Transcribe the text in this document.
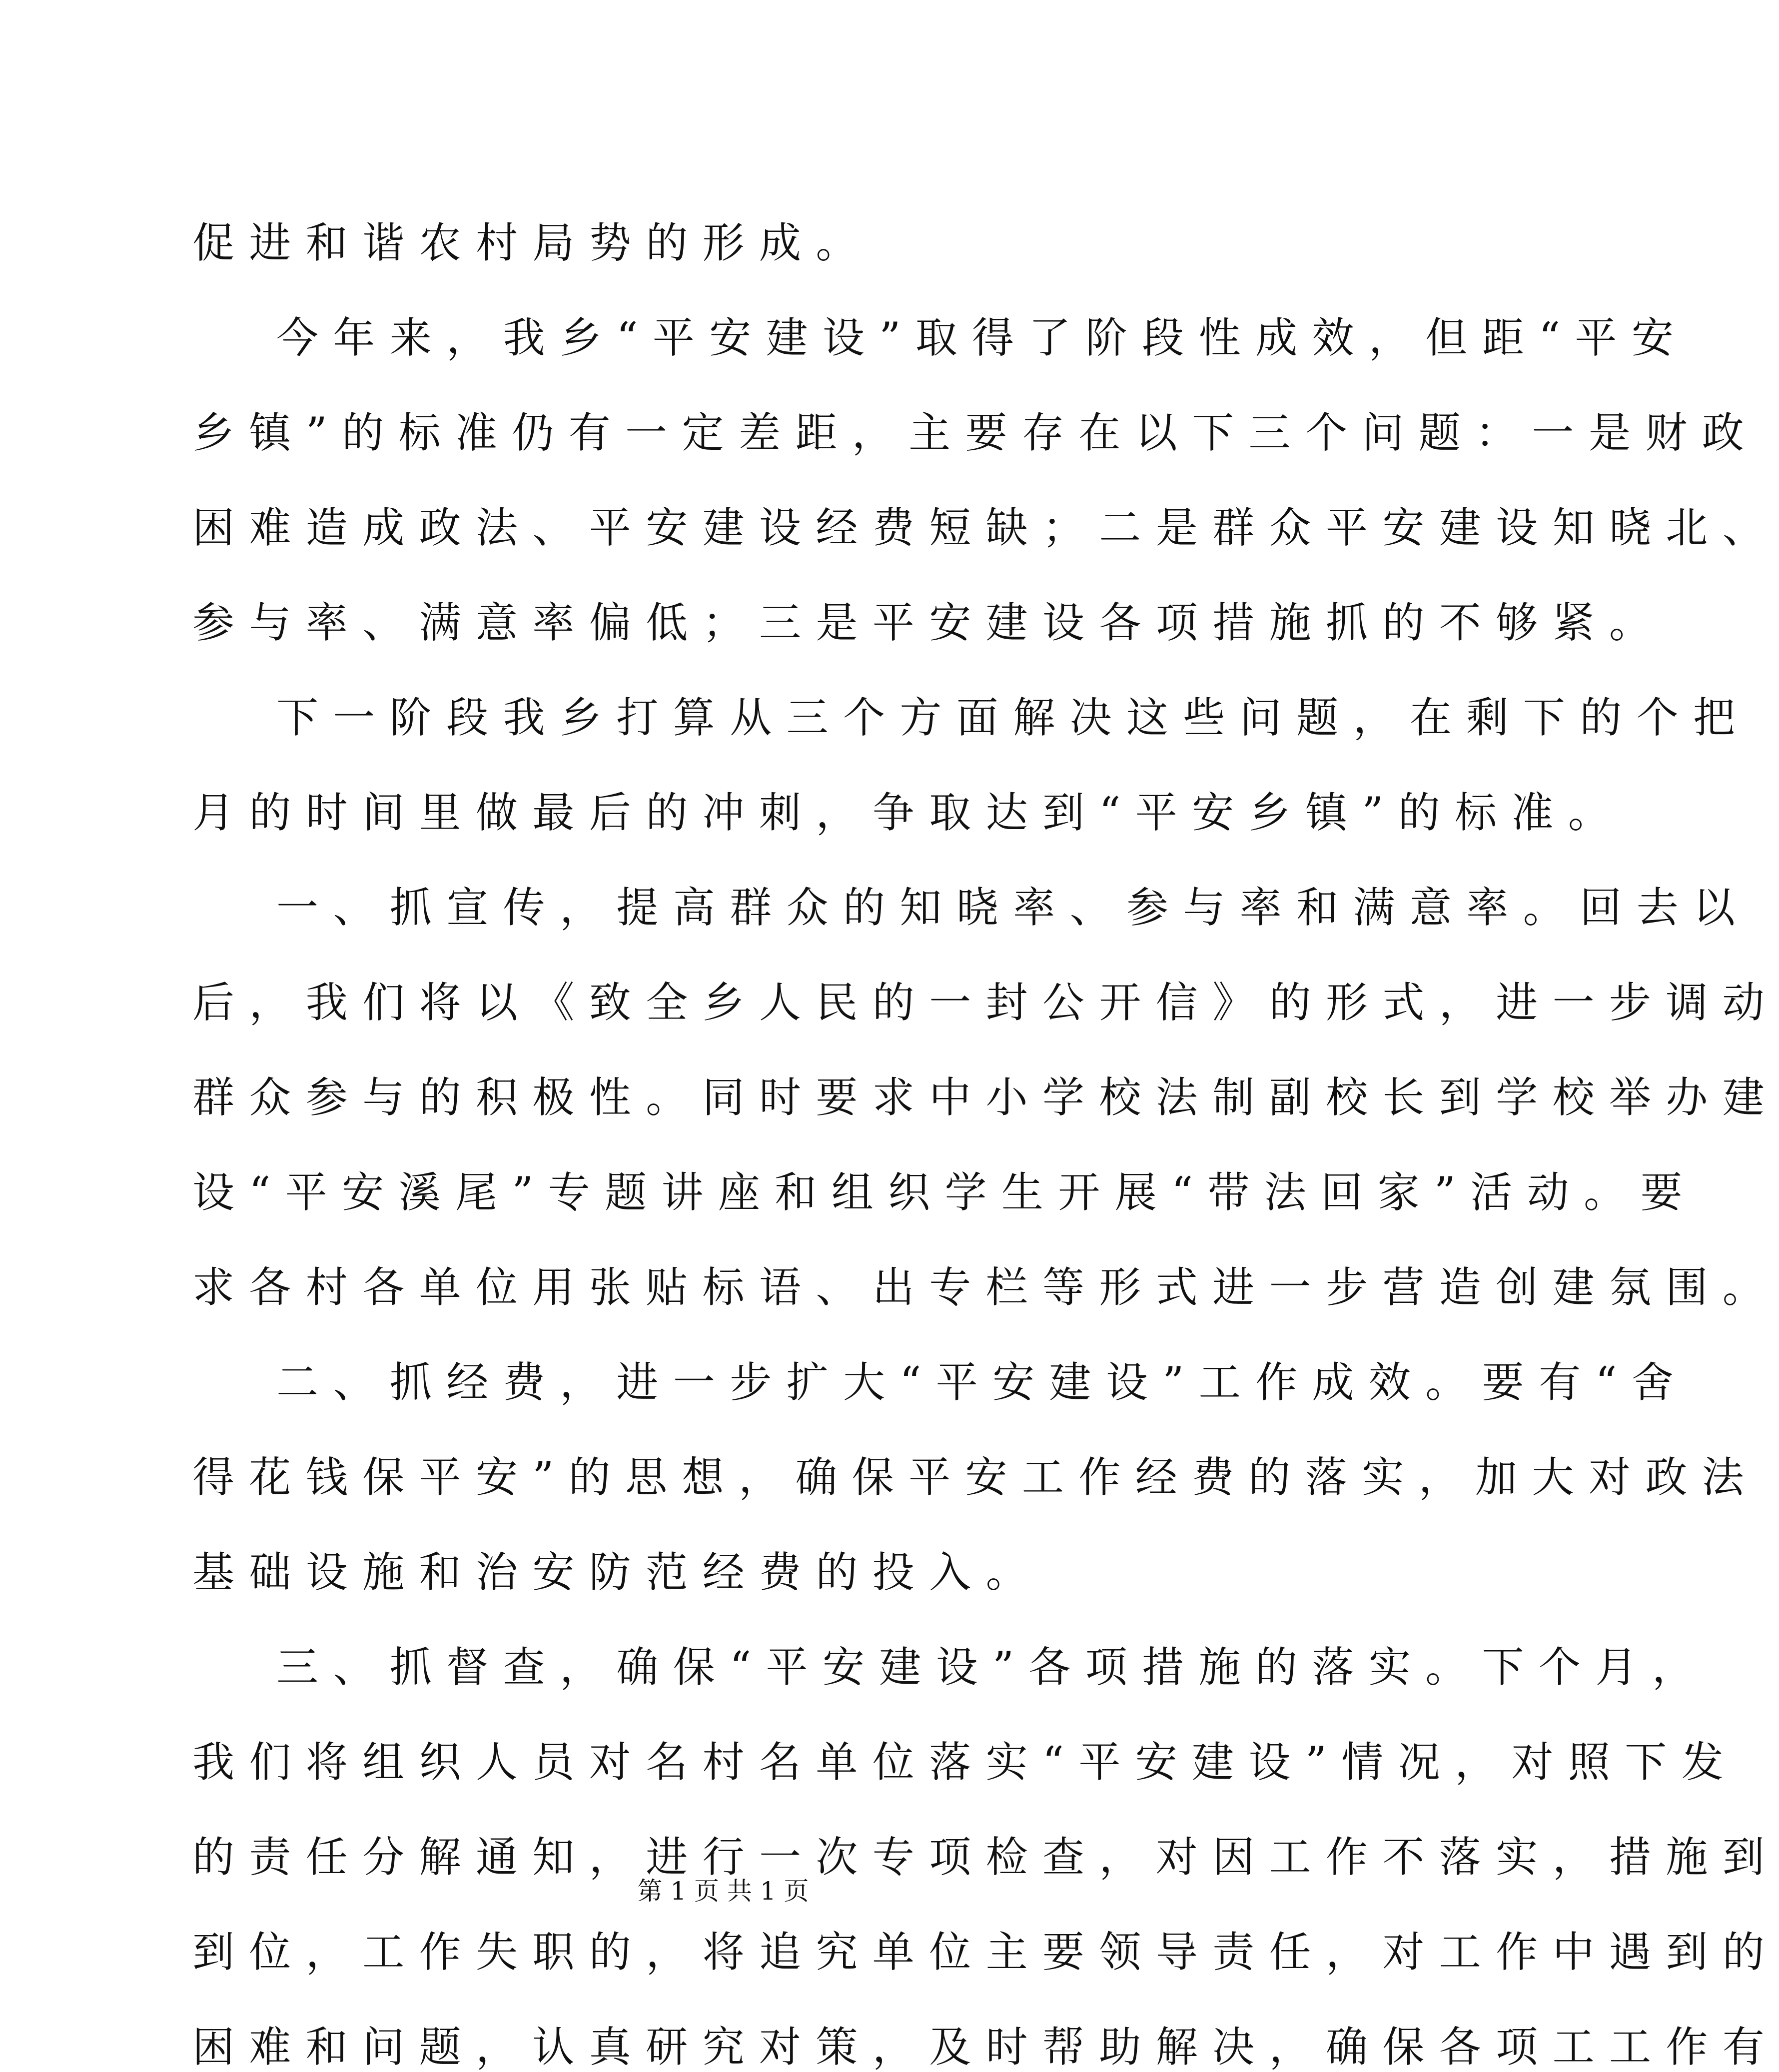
促进和谐农村局势的形成。
今年来，我乡“平安建设”取得了阶段性成效，但距“平安
乡镇”的标准仍有一定差距，主要存在以下三个问题：一是财政
困难造成政法、平安建设经费短缺；二是群众平安建设知晓北、
参与率、满意率偏低；三是平安建设各项措施抓的不够紧。
下一阶段我乡打算从三个方面解决这些问题，在剩下的个把
月的时间里做最后的冲刺，争取达到“平安乡镇”的标准。
一、抓宣传，提高群众的知晓率、参与率和满意率。回去以
后，我们将以《致全乡人民的一封公开信》的形式，进一步调动
群众参与的积极性。同时要求中小学校法制副校长到学校举办建
设“平安溪尾”专题讲座和组织学生开展“带法回家”活动。要
求各村各单位用张贴标语、出专栏等形式进一步营造创建氛围。
二、抓经费，进一步扩大“平安建设”工作成效。要有“舍
得花钱保平安”的思想，确保平安工作经费的落实，加大对政法
基础设施和治安防范经费的投入。
三、抓督查，确保“平安建设”各项措施的落实。下个月，
我们将组织人员对名村名单位落实“平安建设”情况，对照下发
的责任分解通知，进行一次专项检查，对因工作不落实，措施到
到位，工作失职的，将追究单位主要领导责任，对工作中遇到的
困难和问题，认真研究对策，及时帮助解决，确保各项工工作有
第 1 页 共 1 页
